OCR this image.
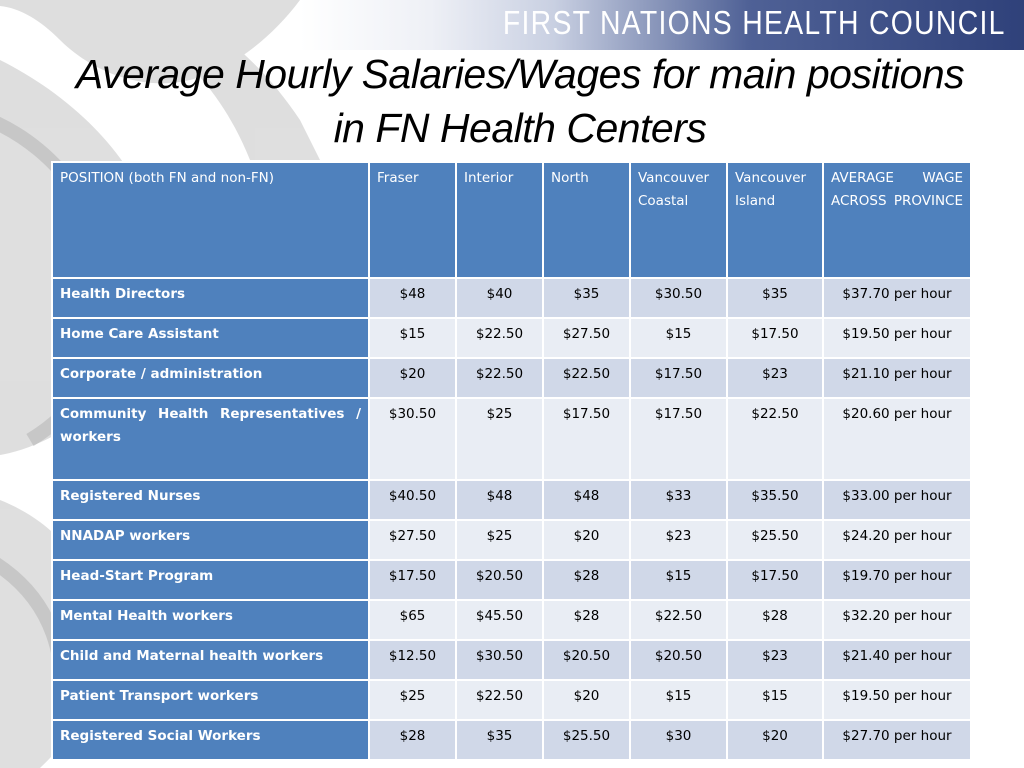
FIRST NATIONS HEALTH COUNCIL
Average Hourly Salaries/Wages for main positions in FN Health Centers
POSITION (both FN and non-FN)	Fraser	Interior	North	Vancouver Coastal	Vancouver Island	AVERAGE WAGE ACROSS PROVINCE
Health Directors	$48	$40	$35	$30.50	$35	$37.70 per hour
Home Care Assistant	$15	$22.50	$27.50	$15	$17.50	$19.50 per hour
Corporate / administration	$20	$22.50	$22.50	$17.50	$23	$21.10 per hour
Community Health Representatives / workers	$30.50	$25	$17.50	$17.50	$22.50	$20.60 per hour
Registered Nurses	$40.50	$48	$48	$33	$35.50	$33.00 per hour
NNADAP workers	$27.50	$25	$20	$23	$25.50	$24.20 per hour
Head-Start Program	$17.50	$20.50	$28	$15	$17.50	$19.70 per hour
Mental Health workers	$65	$45.50	$28	$22.50	$28	$32.20 per hour
Child and Maternal health workers	$12.50	$30.50	$20.50	$20.50	$23	$21.40 per hour
Patient Transport workers	$25	$22.50	$20	$15	$15	$19.50 per hour
Registered Social Workers	$28	$35	$25.50	$30	$20	$27.70 per hour
